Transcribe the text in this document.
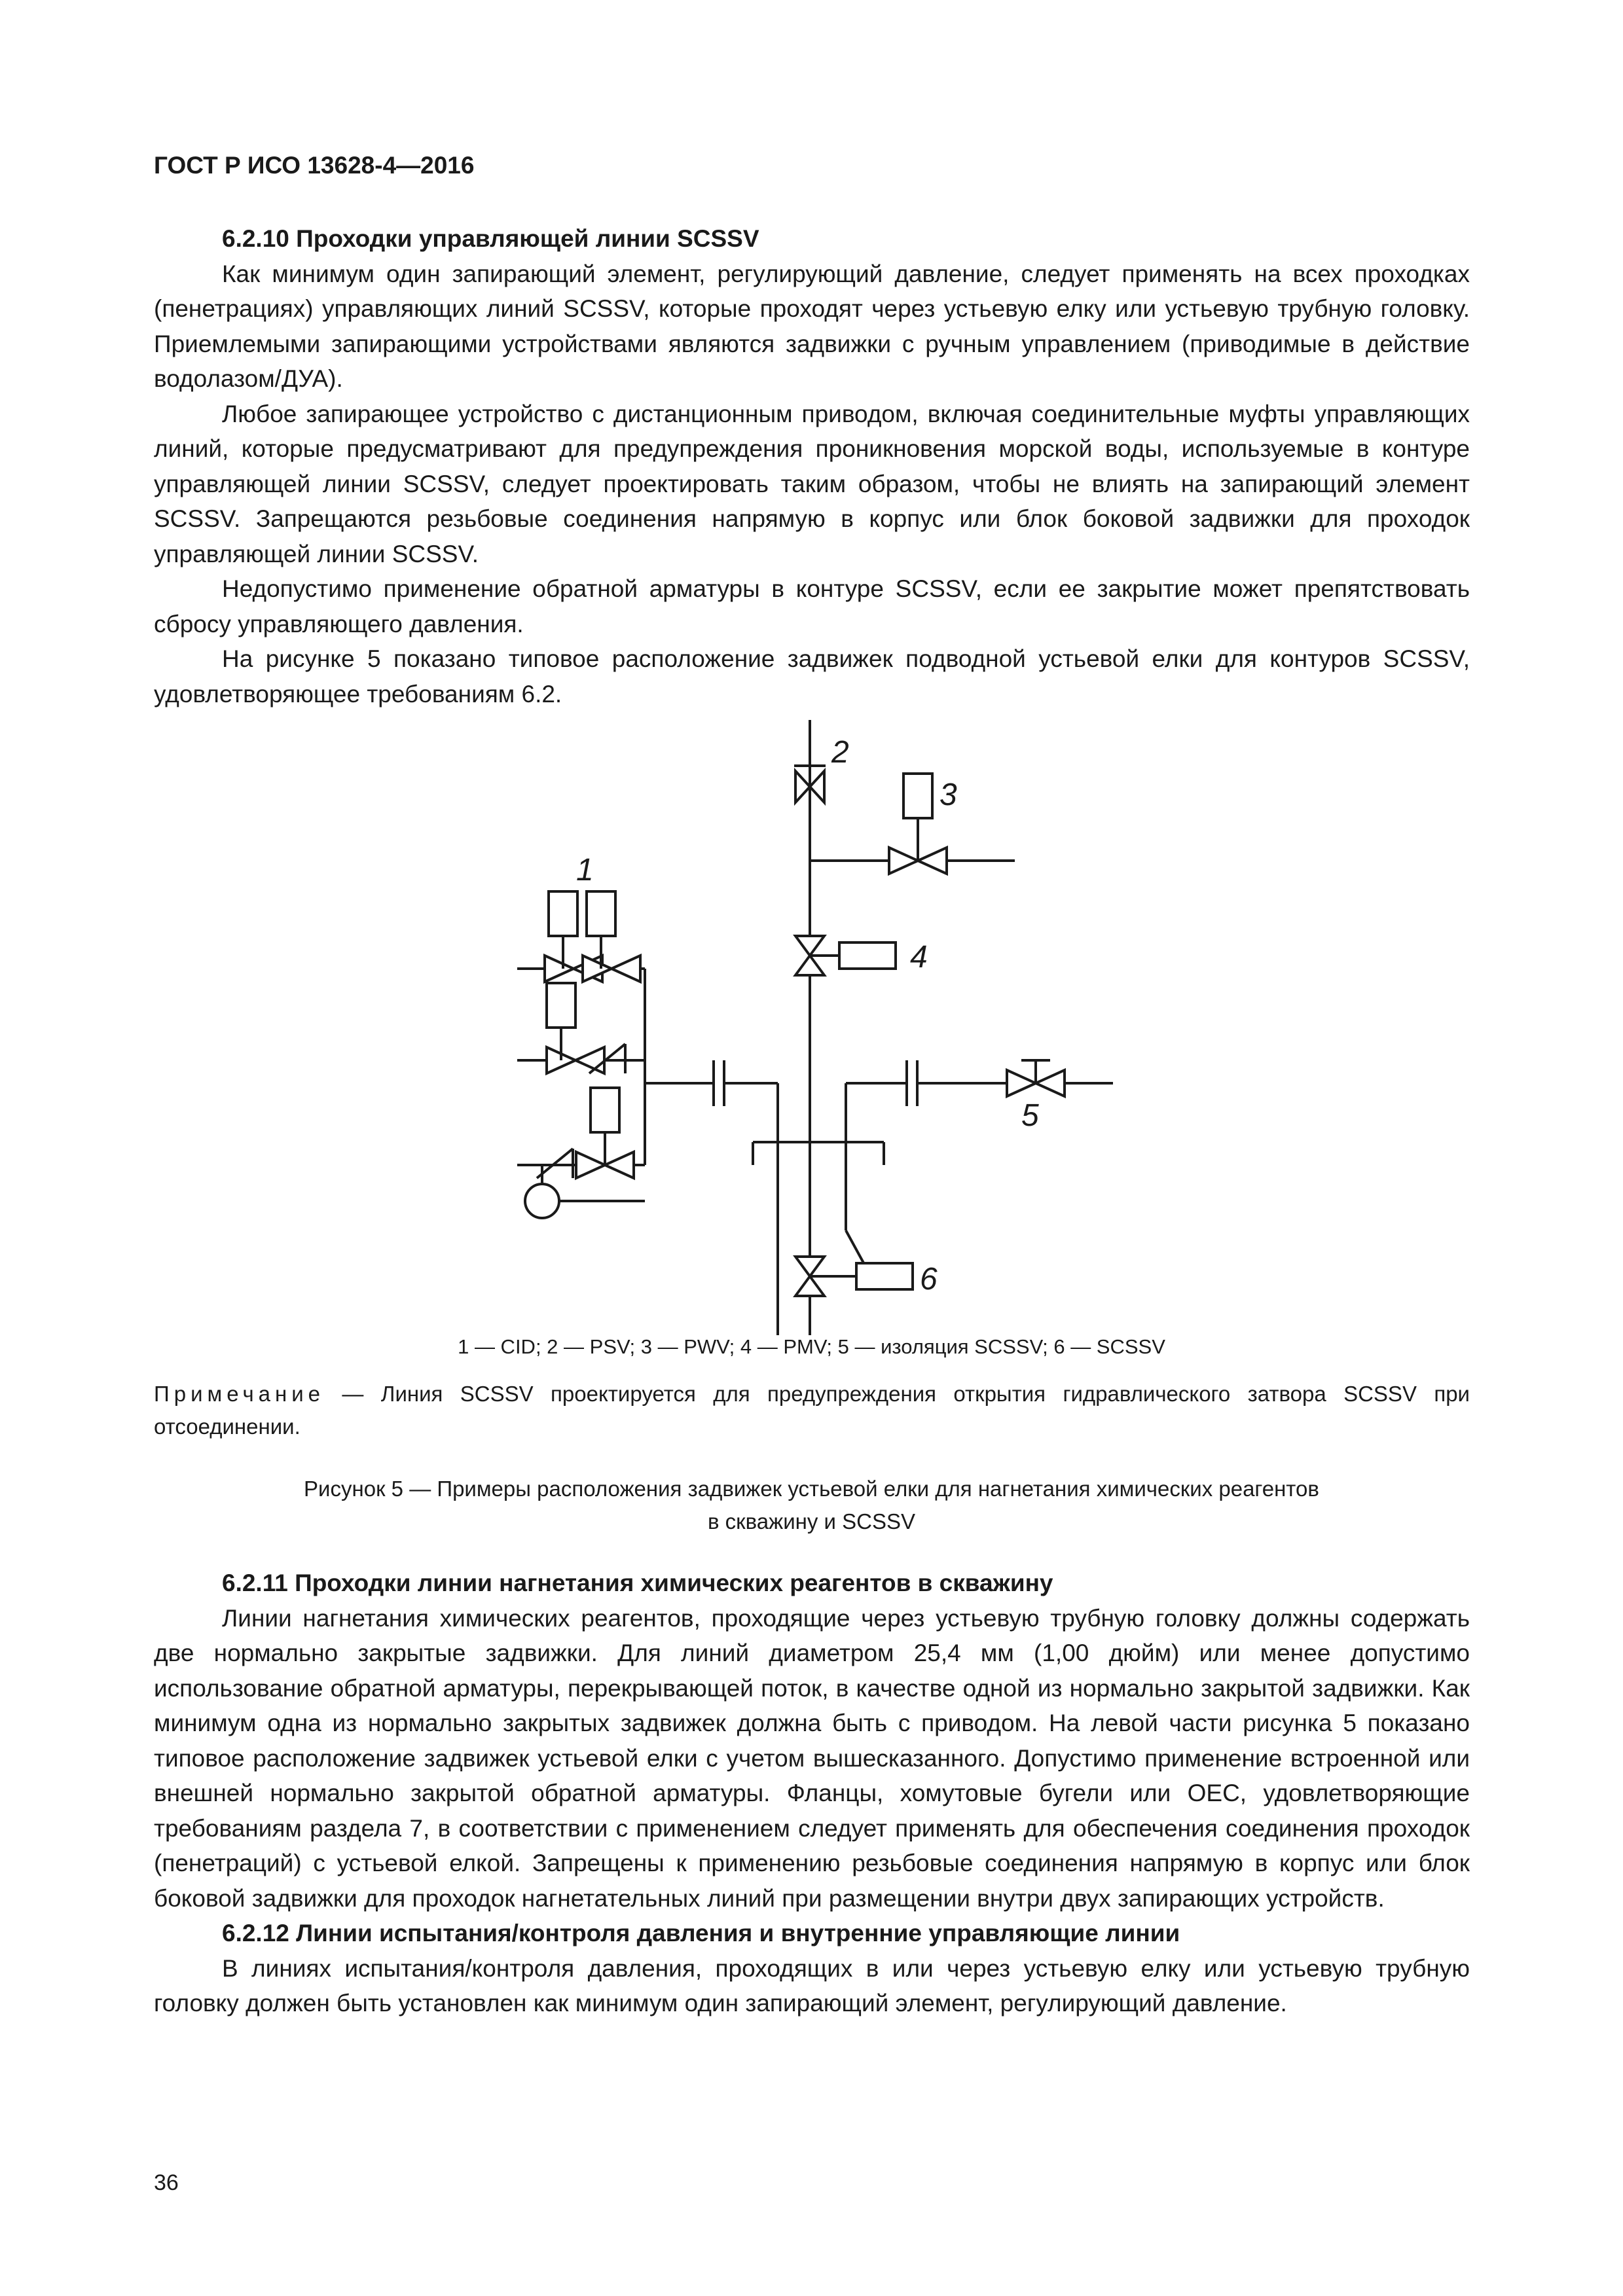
ГОСТ Р ИСО 13628-4—2016
6.2.10 Проходки управляющей линии SCSSV

Как минимум один запирающий элемент, регулирующий давление, следует применять на всех проходках (пенетрациях) управляющих линий SCSSV, которые проходят через устьевую елку или устьевую трубную головку. Приемлемыми запирающими устройствами являются задвижки с ручным управлением (приводимые в действие водолазом/ДУА).

Любое запирающее устройство с дистанционным приводом, включая соединительные муфты управляющих линий, которые предусматривают для предупреждения проникновения морской воды, используемые в контуре управляющей линии SCSSV, следует проектировать таким образом, чтобы не влиять на запирающий элемент SCSSV. Запрещаются резьбовые соединения напрямую в корпус или блок боковой задвижки для проходок управляющей линии SCSSV.

Недопустимо применение обратной арматуры в контуре SCSSV, если ее закрытие может препятствовать сбросу управляющего давления.

На рисунке 5 показано типовое расположение задвижек подводной устьевой елки для контуров SCSSV, удовлетворяющее требованиям 6.2.

2
3
1
4
5
6
1 — CID; 2 — PSV; 3 — PWV; 4 — PMV; 5 — изоляция SCSSV; 6 — SCSSV
Примечание — Линия SCSSV проектируется для предупреждения открытия гидравлического затвора SCSSV при отсоединении.
Рисунок 5 — Примеры расположения задвижек устьевой елки для нагнетания химических реагентов
в скважину и SCSSV
6.2.11 Проходки линии нагнетания химических реагентов в скважину

Линии нагнетания химических реагентов, проходящие через устьевую трубную головку должны содержать две нормально закрытые задвижки. Для линий диаметром 25,4 мм (1,00 дюйм) или менее допустимо использование обратной арматуры, перекрывающей поток, в качестве одной из нормально закрытой задвижки. Как минимум одна из нормально закрытых задвижек должна быть с приводом. На левой части рисунка 5 показано типовое расположение задвижек устьевой елки с учетом вышесказанного. Допустимо применение встроенной или внешней нормально закрытой обратной арматуры. Фланцы, хомутовые бугели или OEC, удовлетворяющие требованиям раздела 7, в соответствии с применением следует применять для обеспечения соединения проходок (пенетраций) с устьевой елкой. Запрещены к применению резьбовые соединения напрямую в корпус или блок боковой задвижки для проходок нагнетательных линий при размещении внутри двух запирающих устройств.

6.2.12 Линии испытания/контроля давления и внутренние управляющие линии

В линиях испытания/контроля давления, проходящих в или через устьевую елку или устьевую трубную головку должен быть установлен как минимум один запирающий элемент, регулирующий давление.

36
